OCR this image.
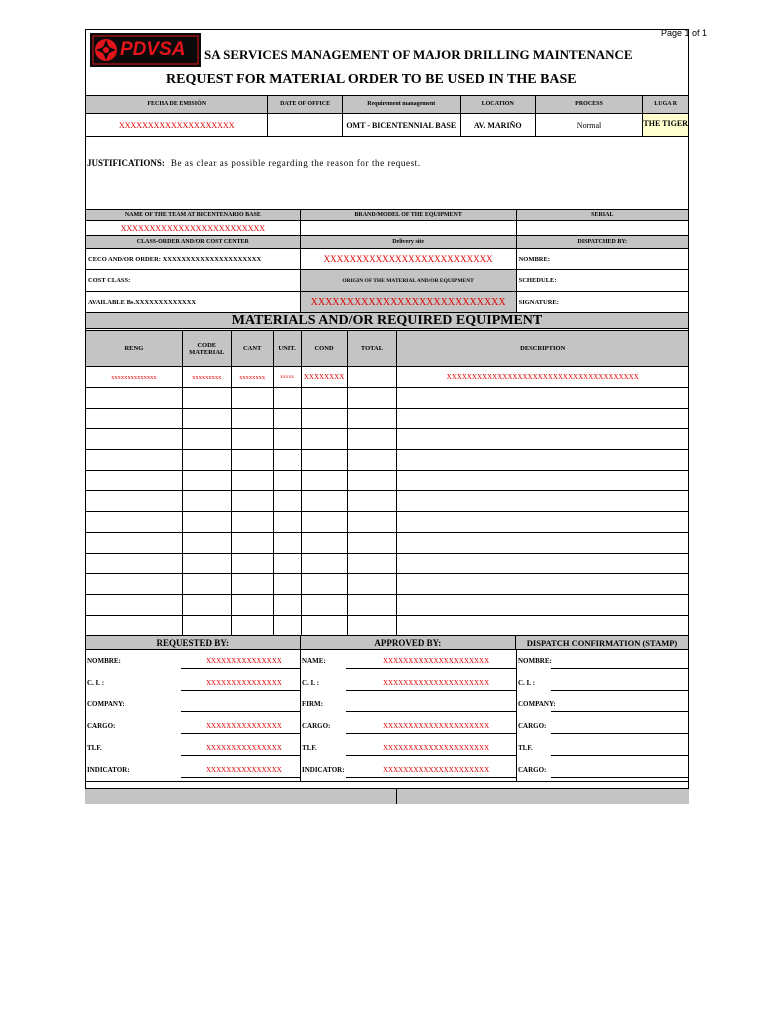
Page 1 of 1
PDVSA SA SERVICES MANAGEMENT OF MAJOR DRILLING MAINTENANCE
REQUEST FOR MATERIAL ORDER TO BE USED IN THE BASE
FECHA DE EMISIÓN	DATE OF OFFICE	Requirement management	LOCATION	PROCESS	LUGA R
XXXXXXXXXXXXXXXXXXXX		OMT - BICENTENNIAL BASE	AV. MARIÑO	Normal	THE TIGER
JUSTIFICATIONS: Be as clear as possible regarding the reason for the request.
NAME OF THE TEAM AT BICENTENARIO BASE	BRAND/MODEL OF THE EQUIPMENT	SERIAL
XXXXXXXXXXXXXXXXXXXXXXXXX		
CLASS-ORDER AND/OR COST CENTER	Delivery site	DISPATCHED BY:
CECO AND/OR ORDER: XXXXXXXXXXXXXXXXXXXXX	XXXXXXXXXXXXXXXXXXXXXXXXXX	NOMBRE:
COST CLASS:	ORIGIN OF THE MATERIAL AND/OR EQUIPMENT	SCHEDULE:
AVAILABLE Bs.XXXXXXXXXXXXX	XXXXXXXXXXXXXXXXXXXXXXXXXXX	SIGNATURE:
MATERIALS AND/OR REQUIRED EQUIPMENT
RENG	CODE MATERIAL	CANT	UNIT.	COND	TOTAL	DESCRIPTION
xxxxxxxxxxxxxx	xxxxxxxxx	xxxxxxxx	xxxxx	XXXXXXXX		XXXXXXXXXXXXXXXXXXXXXXXXXXXXXXXXXXXXXX

REQUESTED BY:	APPROVED BY:	DISPATCH CONFIRMATION (STAMP)
NOMBRE:	XXXXXXXXXXXXXXX	NAME:	XXXXXXXXXXXXXXXXXXXXX	NOMBRE:
C. I. :	XXXXXXXXXXXXXXX	C. I. :	XXXXXXXXXXXXXXXXXXXXX	C. I. :
COMPANY:	FIRM:	COMPANY:
CARGO:	XXXXXXXXXXXXXXX	CARGO:	XXXXXXXXXXXXXXXXXXXXX	CARGO:
TLF.	XXXXXXXXXXXXXXX	TLF.	XXXXXXXXXXXXXXXXXXXXX	TLF.
INDICATOR:	XXXXXXXXXXXXXXX	INDICATOR:	XXXXXXXXXXXXXXXXXXXXX	CARGO:
